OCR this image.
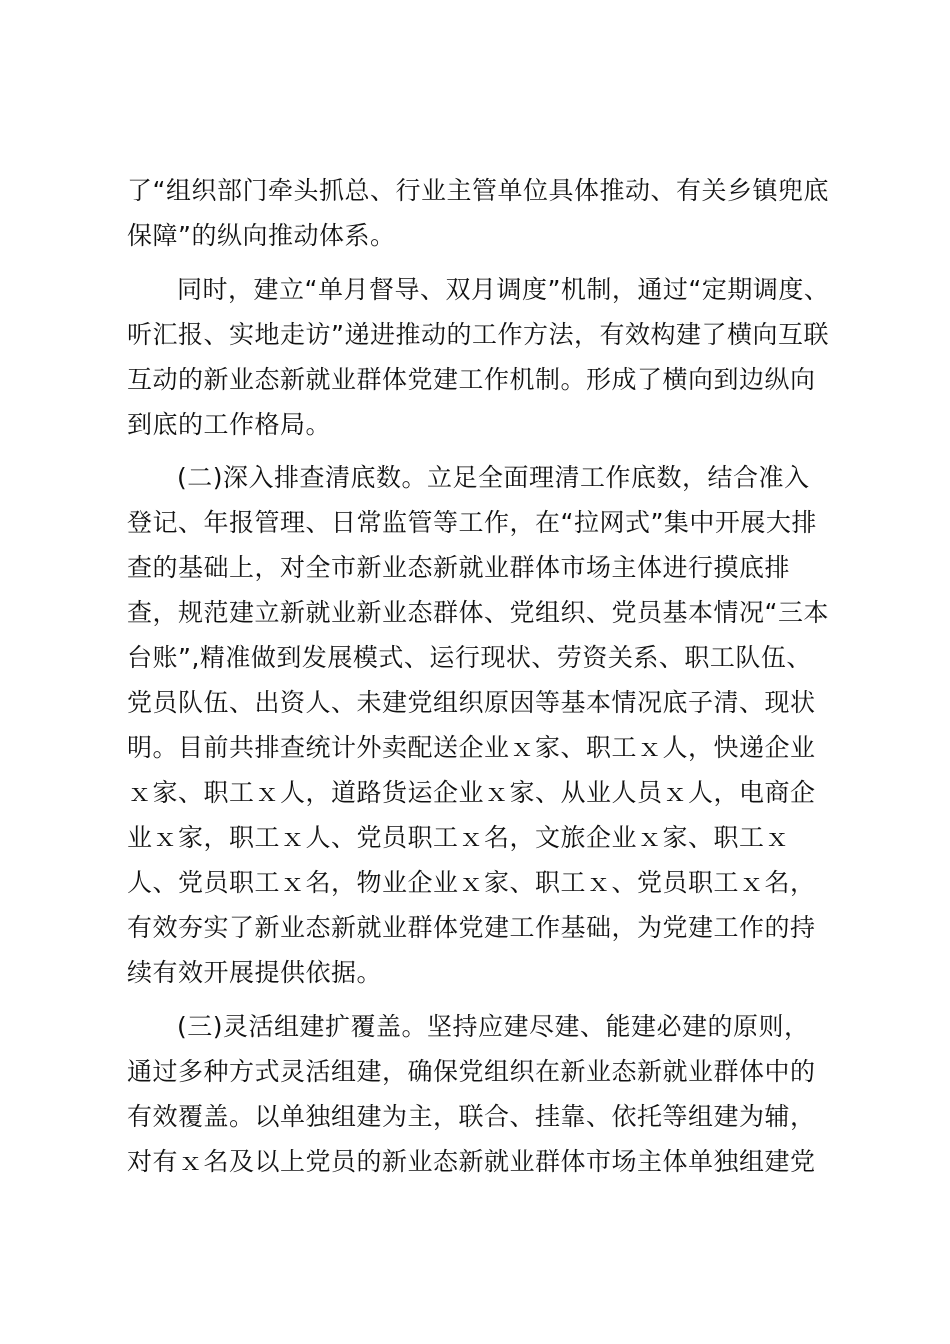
了“组织部门牵头抓总、行业主管单位具体推动、有关乡镇兜底
保障”的纵向推动体系。
同时，建立“单月督导、双月调度”机制，通过“定期调度、
听汇报、实地走访”递进推动的工作方法，有效构建了横向互联
互动的新业态新就业群体党建工作机制。形成了横向到边纵向
到底的工作格局。
(二)深入排查清底数。立足全面理清工作底数，结合准入
登记、年报管理、日常监管等工作，在“拉网式”集中开展大排
查的基础上，对全市新业态新就业群体市场主体进行摸底排
查，规范建立新就业新业态群体、党组织、党员基本情况“三本
台账”,精准做到发展模式、运行现状、劳资关系、职工队伍、
党员队伍、出资人、未建党组织原因等基本情况底子清、现状
明。目前共排查统计外卖配送企业ｘ家、职工ｘ人，快递企业
ｘ家、职工ｘ人，道路货运企业ｘ家、从业人员ｘ人，电商企
业ｘ家，职工ｘ人、党员职工ｘ名，文旅企业ｘ家、职工ｘ
人、党员职工ｘ名，物业企业ｘ家、职工ｘ、党员职工ｘ名，
有效夯实了新业态新就业群体党建工作基础，为党建工作的持
续有效开展提供依据。
(三)灵活组建扩覆盖。坚持应建尽建、能建必建的原则，
通过多种方式灵活组建，确保党组织在新业态新就业群体中的
有效覆盖。以单独组建为主，联合、挂靠、依托等组建为辅，
对有ｘ名及以上党员的新业态新就业群体市场主体单独组建党
